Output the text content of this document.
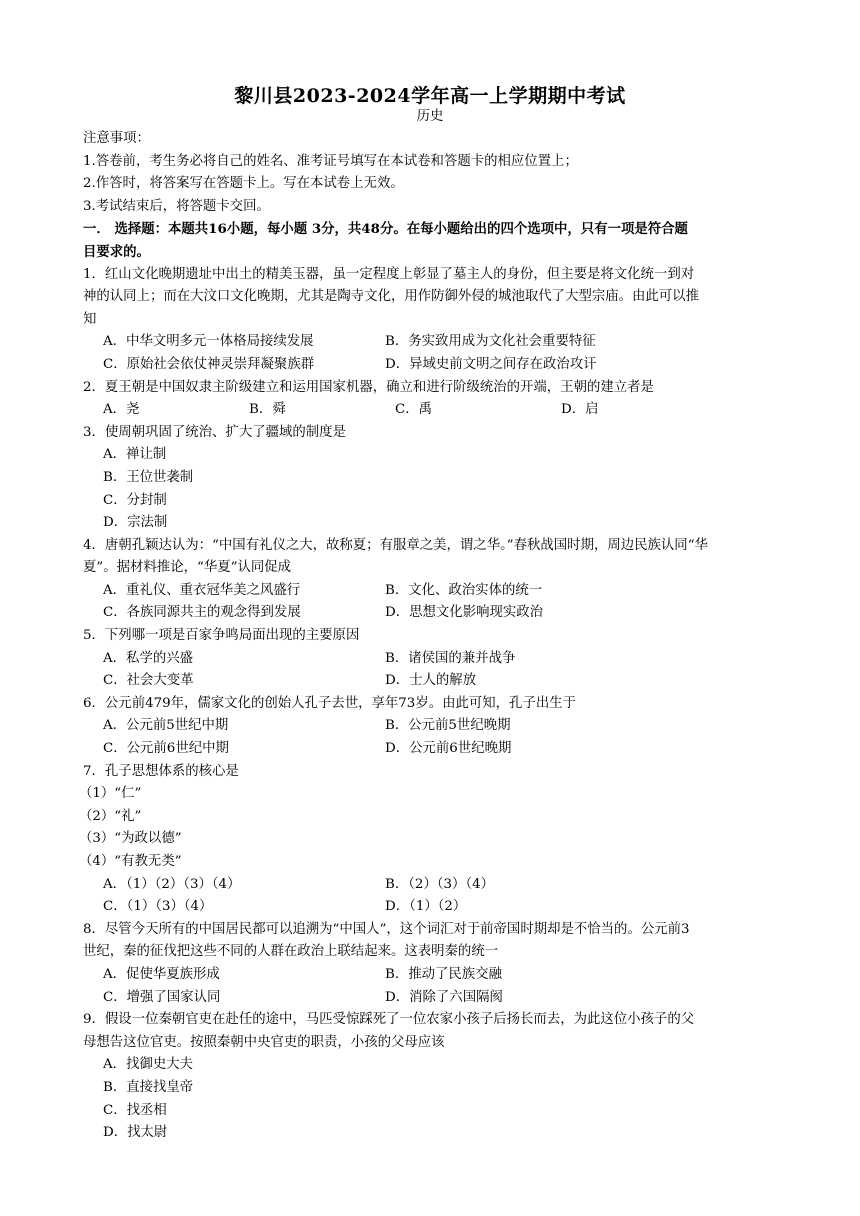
黎川县2023-2024学年高一上学期期中考试
历史
注意事项：
1.答卷前，考生务必将自己的姓名、准考证号填写在本试卷和答题卡的相应位置上；
2.作答时，将答案写在答题卡上。写在本试卷上无效。
3.考试结束后，将答题卡交回。
一． 选择题：本题共16小题，每小题 3分，共48分。在每小题给出的四个选项中，只有一项是符合题
目要求的。
1．红山文化晚期遗址中出土的精美玉器，虽一定程度上彰显了墓主人的身份，但主要是将文化统一到对
神的认同上；而在大汶口文化晚期，尤其是陶寺文化，用作防御外侵的城池取代了大型宗庙。由此可以推
知
A．中华文明多元一体格局接续发展	B．务实致用成为文化社会重要特征
C．原始社会依仗神灵崇拜凝聚族群	D．异域史前文明之间存在政治攻讦
2．夏王朝是中国奴隶主阶级建立和运用国家机器，确立和进行阶级统治的开端，王朝的建立者是
A．尧	B．舜	C．禹	D．启
3．使周朝巩固了统治、扩大了疆域的制度是
A．禅让制
B．王位世袭制
C．分封制
D．宗法制
4．唐朝孔颖达认为：“中国有礼仪之大，故称夏；有服章之美，谓之华。”春秋战国时期，周边民族认同“华
夏”。据材料推论，“华夏”认同促成
A．重礼仪、重衣冠华美之风盛行	B．文化、政治实体的统一
C．各族同源共主的观念得到发展	D．思想文化影响现实政治
5．下列哪一项是百家争鸣局面出现的主要原因
A．私学的兴盛	B．诸侯国的兼并战争
C．社会大变革	D．士人的解放
6．公元前479年，儒家文化的创始人孔子去世，享年73岁。由此可知，孔子出生于
A．公元前5世纪中期	B．公元前5世纪晚期
C．公元前6世纪中期	D．公元前6世纪晚期
7．孔子思想体系的核心是
（1）“仁”
（2）“礼”
（3）“为政以德”
（4）“有教无类”
A．（1）（2）（3）（4）	B．（2）（3）（4）
C．（1）（3）（4）	D．（1）（2）
8．尽管今天所有的中国居民都可以追溯为“中国人”，这个词汇对于前帝国时期却是不恰当的。公元前3
世纪，秦的征伐把这些不同的人群在政治上联结起来。这表明秦的统一
A．促使华夏族形成	B．推动了民族交融
C．增强了国家认同	D．消除了六国隔阂
9．假设一位秦朝官吏在赴任的途中，马匹受惊踩死了一位农家小孩子后扬长而去，为此这位小孩子的父
母想告这位官吏。按照秦朝中央官吏的职责，小孩的父母应该
A．找御史大夫
B．直接找皇帝
C．找丞相
D．找太尉
